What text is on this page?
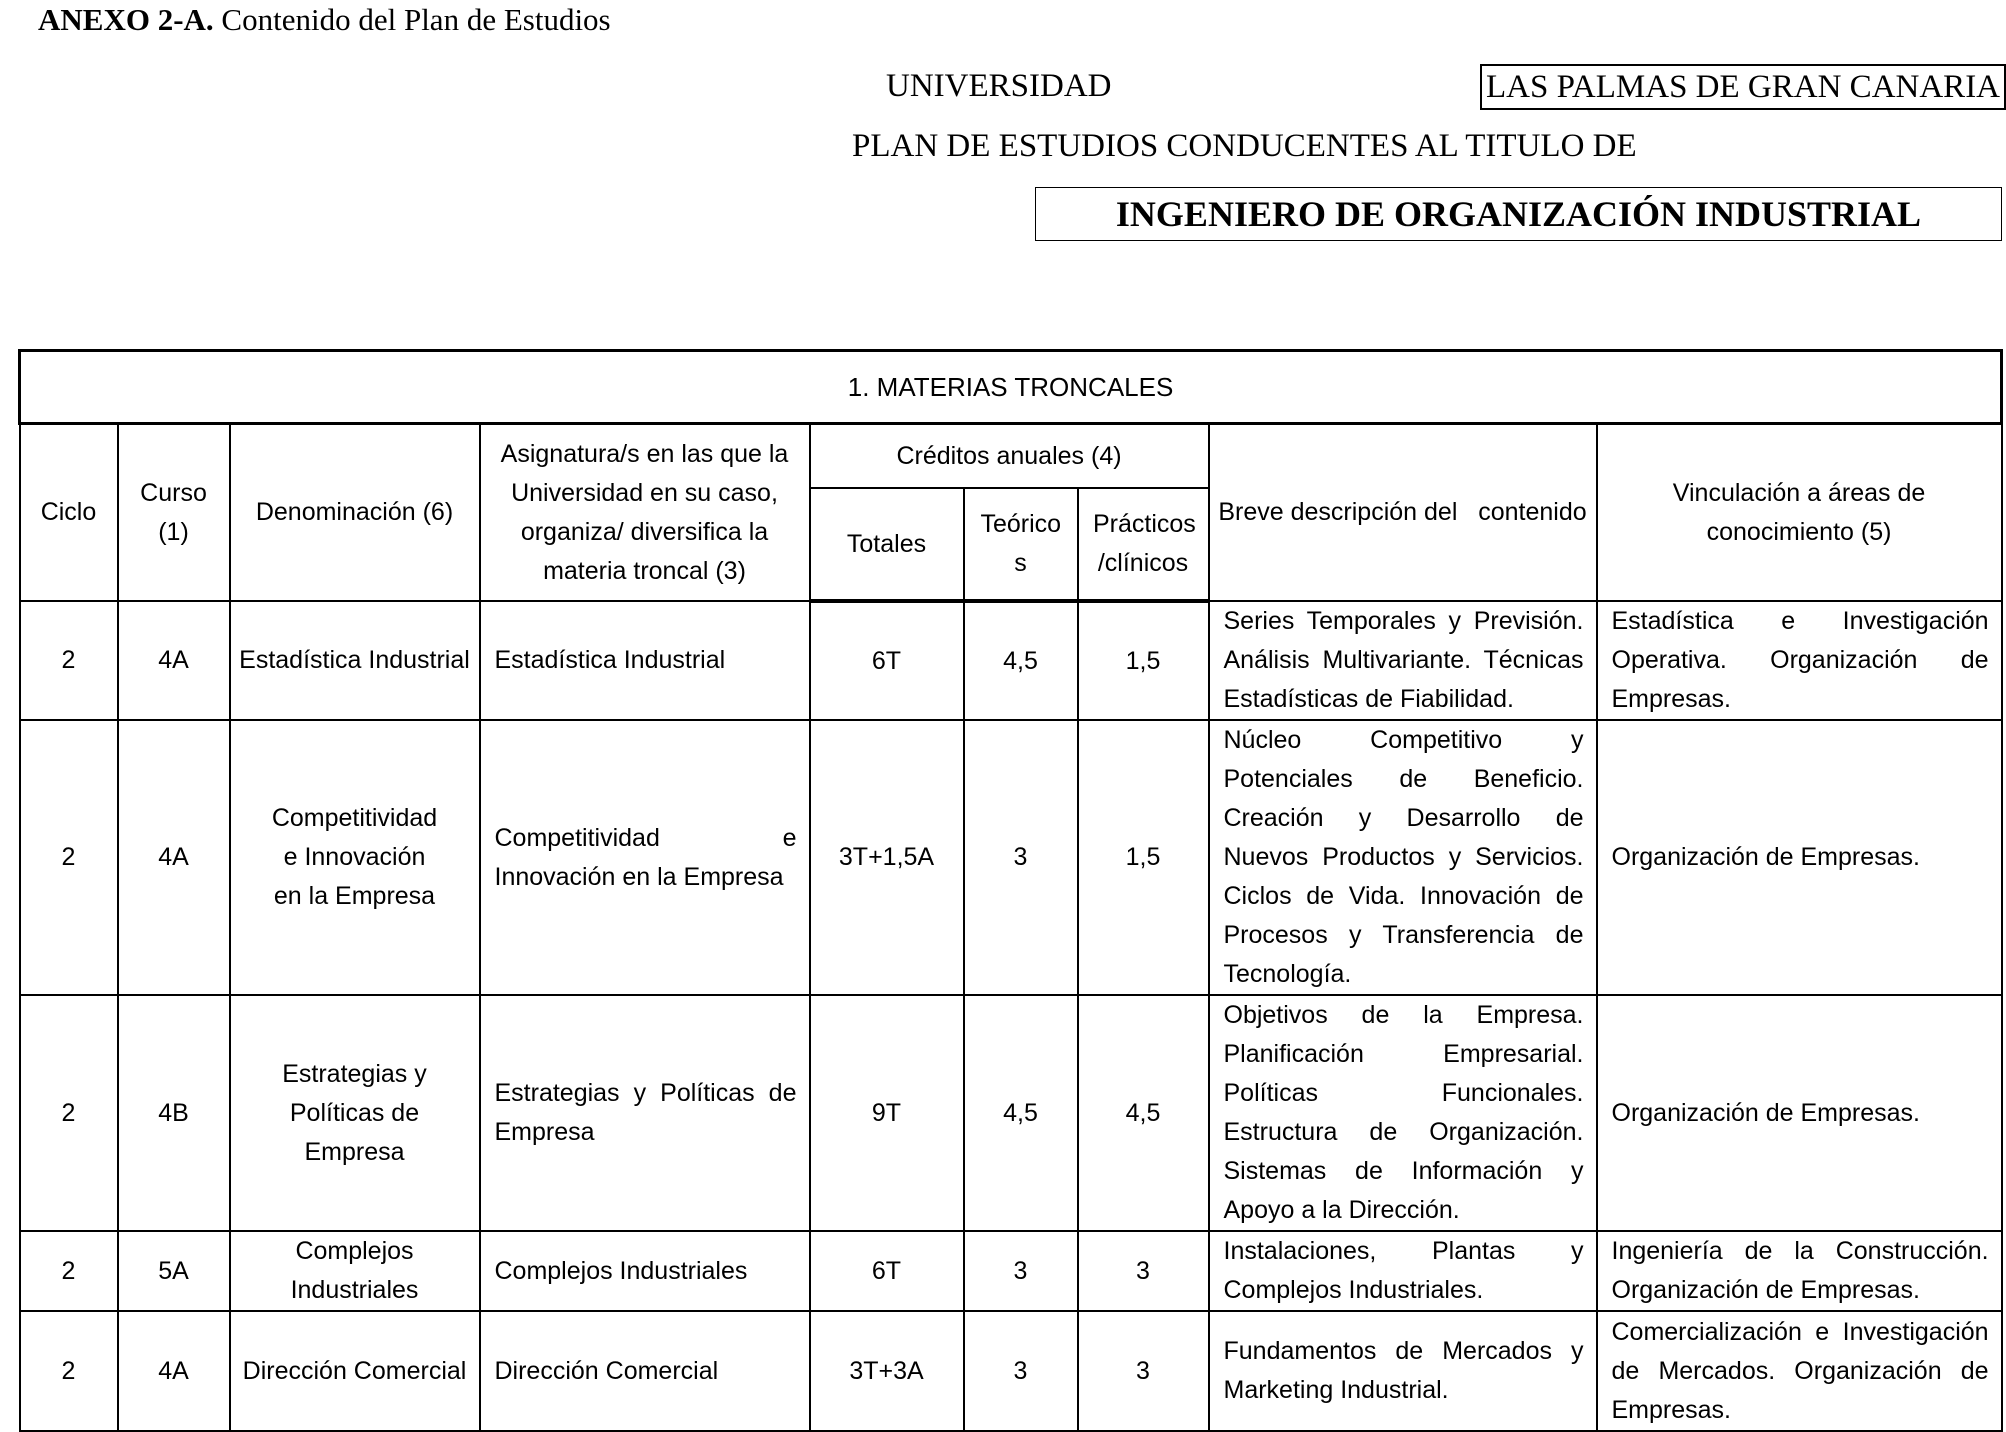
ANEXO 2-A. Contenido del Plan de Estudios
UNIVERSIDAD	LAS PALMAS DE GRAN CANARIA
PLAN DE ESTUDIOS CONDUCENTES AL TITULO DE
INGENIERO DE ORGANIZACIÓN INDUSTRIAL
1. MATERIAS TRONCALES								
Ciclo	Curso (1)	Denominación (6)	Asignatura/s en las que la Universidad en su caso, organiza/ diversifica la materia troncal (3)	Créditos anuales (4)			Breve descripción del   contenido	Vinculación a áreas de conocimiento (5)
				Totales	Teórico s	Prácticos /clínicos		
2	4A	Estadística Industrial	Estadística Industrial	6T	4,5	1,5	Series Temporales y Previsión. Análisis Multivariante. Técnicas Estadísticas de Fiabilidad.	Estadística e Investigación Operativa. Organización de Empresas.
2	4A	Competitividad e Innovación en la Empresa	Competitividad e Innovación en la Empresa	3T+1,5A	3	1,5	Núcleo Competitivo y Potenciales de Beneficio. Creación y Desarrollo de Nuevos Productos y Servicios. Ciclos de Vida. Innovación de Procesos y Transferencia de Tecnología.	Organización de Empresas.
2	4B	Estrategias y Políticas de Empresa	Estrategias y Políticas de Empresa	9T	4,5	4,5	Objetivos de la Empresa. Planificación Empresarial. Políticas Funcionales. Estructura de Organización. Sistemas de Información y Apoyo a la Dirección.	Organización de Empresas.
2	5A	Complejos Industriales	Complejos Industriales	6T	3	3	Instalaciones, Plantas y Complejos Industriales.	Ingeniería de la Construcción. Organización de Empresas.
2	4A	Dirección Comercial	Dirección Comercial	3T+3A	3	3	Fundamentos de Mercados y Marketing Industrial.	Comercialización e Investigación de Mercados. Organización de Empresas.
